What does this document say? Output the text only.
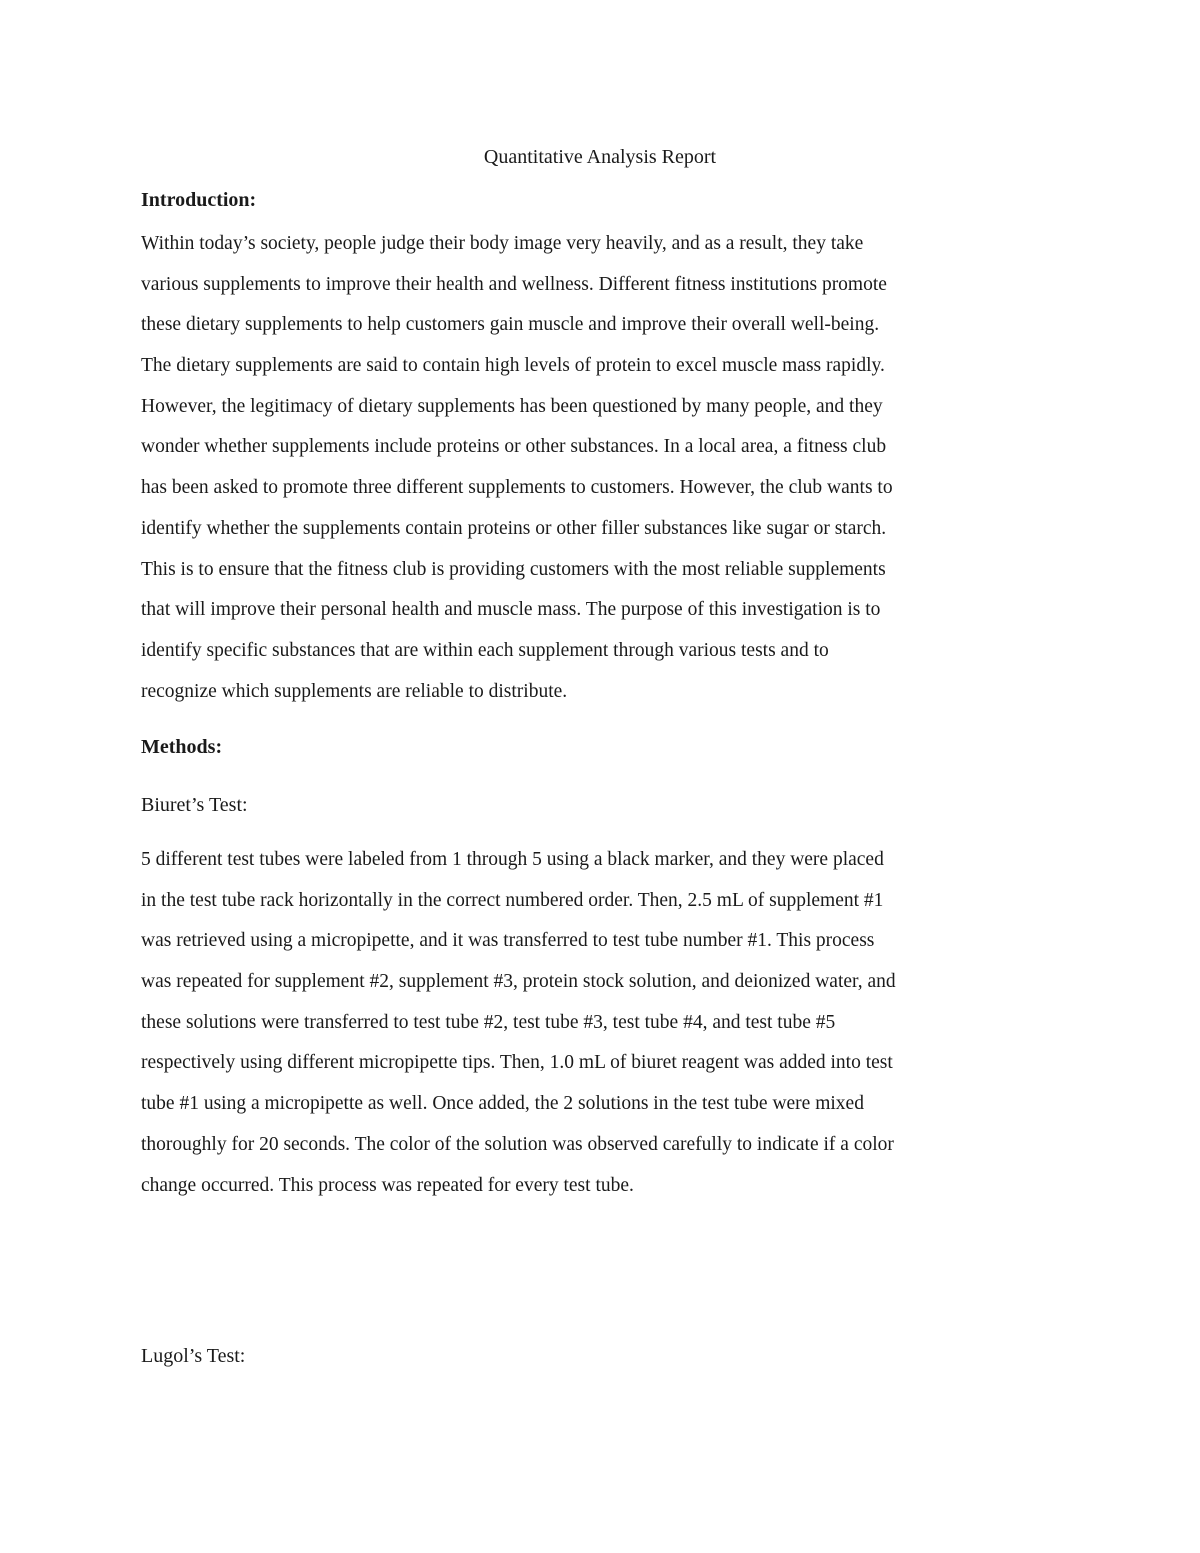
Quantitative Analysis Report
Introduction:
Within today’s society, people judge their body image very heavily, and as a result, they take
various supplements to improve their health and wellness. Different fitness institutions promote
these dietary supplements to help customers gain muscle and improve their overall well-being.
The dietary supplements are said to contain high levels of protein to excel muscle mass rapidly.
However, the legitimacy of dietary supplements has been questioned by many people, and they
wonder whether supplements include proteins or other substances. In a local area, a fitness club
has been asked to promote three different supplements to customers. However, the club wants to
identify whether the supplements contain proteins or other filler substances like sugar or starch.
This is to ensure that the fitness club is providing customers with the most reliable supplements
that will improve their personal health and muscle mass. The purpose of this investigation is to
identify specific substances that are within each supplement through various tests and to
recognize which supplements are reliable to distribute.
Methods:
Biuret’s Test:
5 different test tubes were labeled from 1 through 5 using a black marker, and they were placed
in the test tube rack horizontally in the correct numbered order. Then, 2.5 mL of supplement #1
was retrieved using a micropipette, and it was transferred to test tube number #1. This process
was repeated for supplement #2, supplement #3, protein stock solution, and deionized water, and
these solutions were transferred to test tube #2, test tube #3, test tube #4, and test tube #5
respectively using different micropipette tips. Then, 1.0 mL of biuret reagent was added into test
tube #1 using a micropipette as well. Once added, the 2 solutions in the test tube were mixed
thoroughly for 20 seconds. The color of the solution was observed carefully to indicate if a color
change occurred. This process was repeated for every test tube.
Lugol’s Test:
